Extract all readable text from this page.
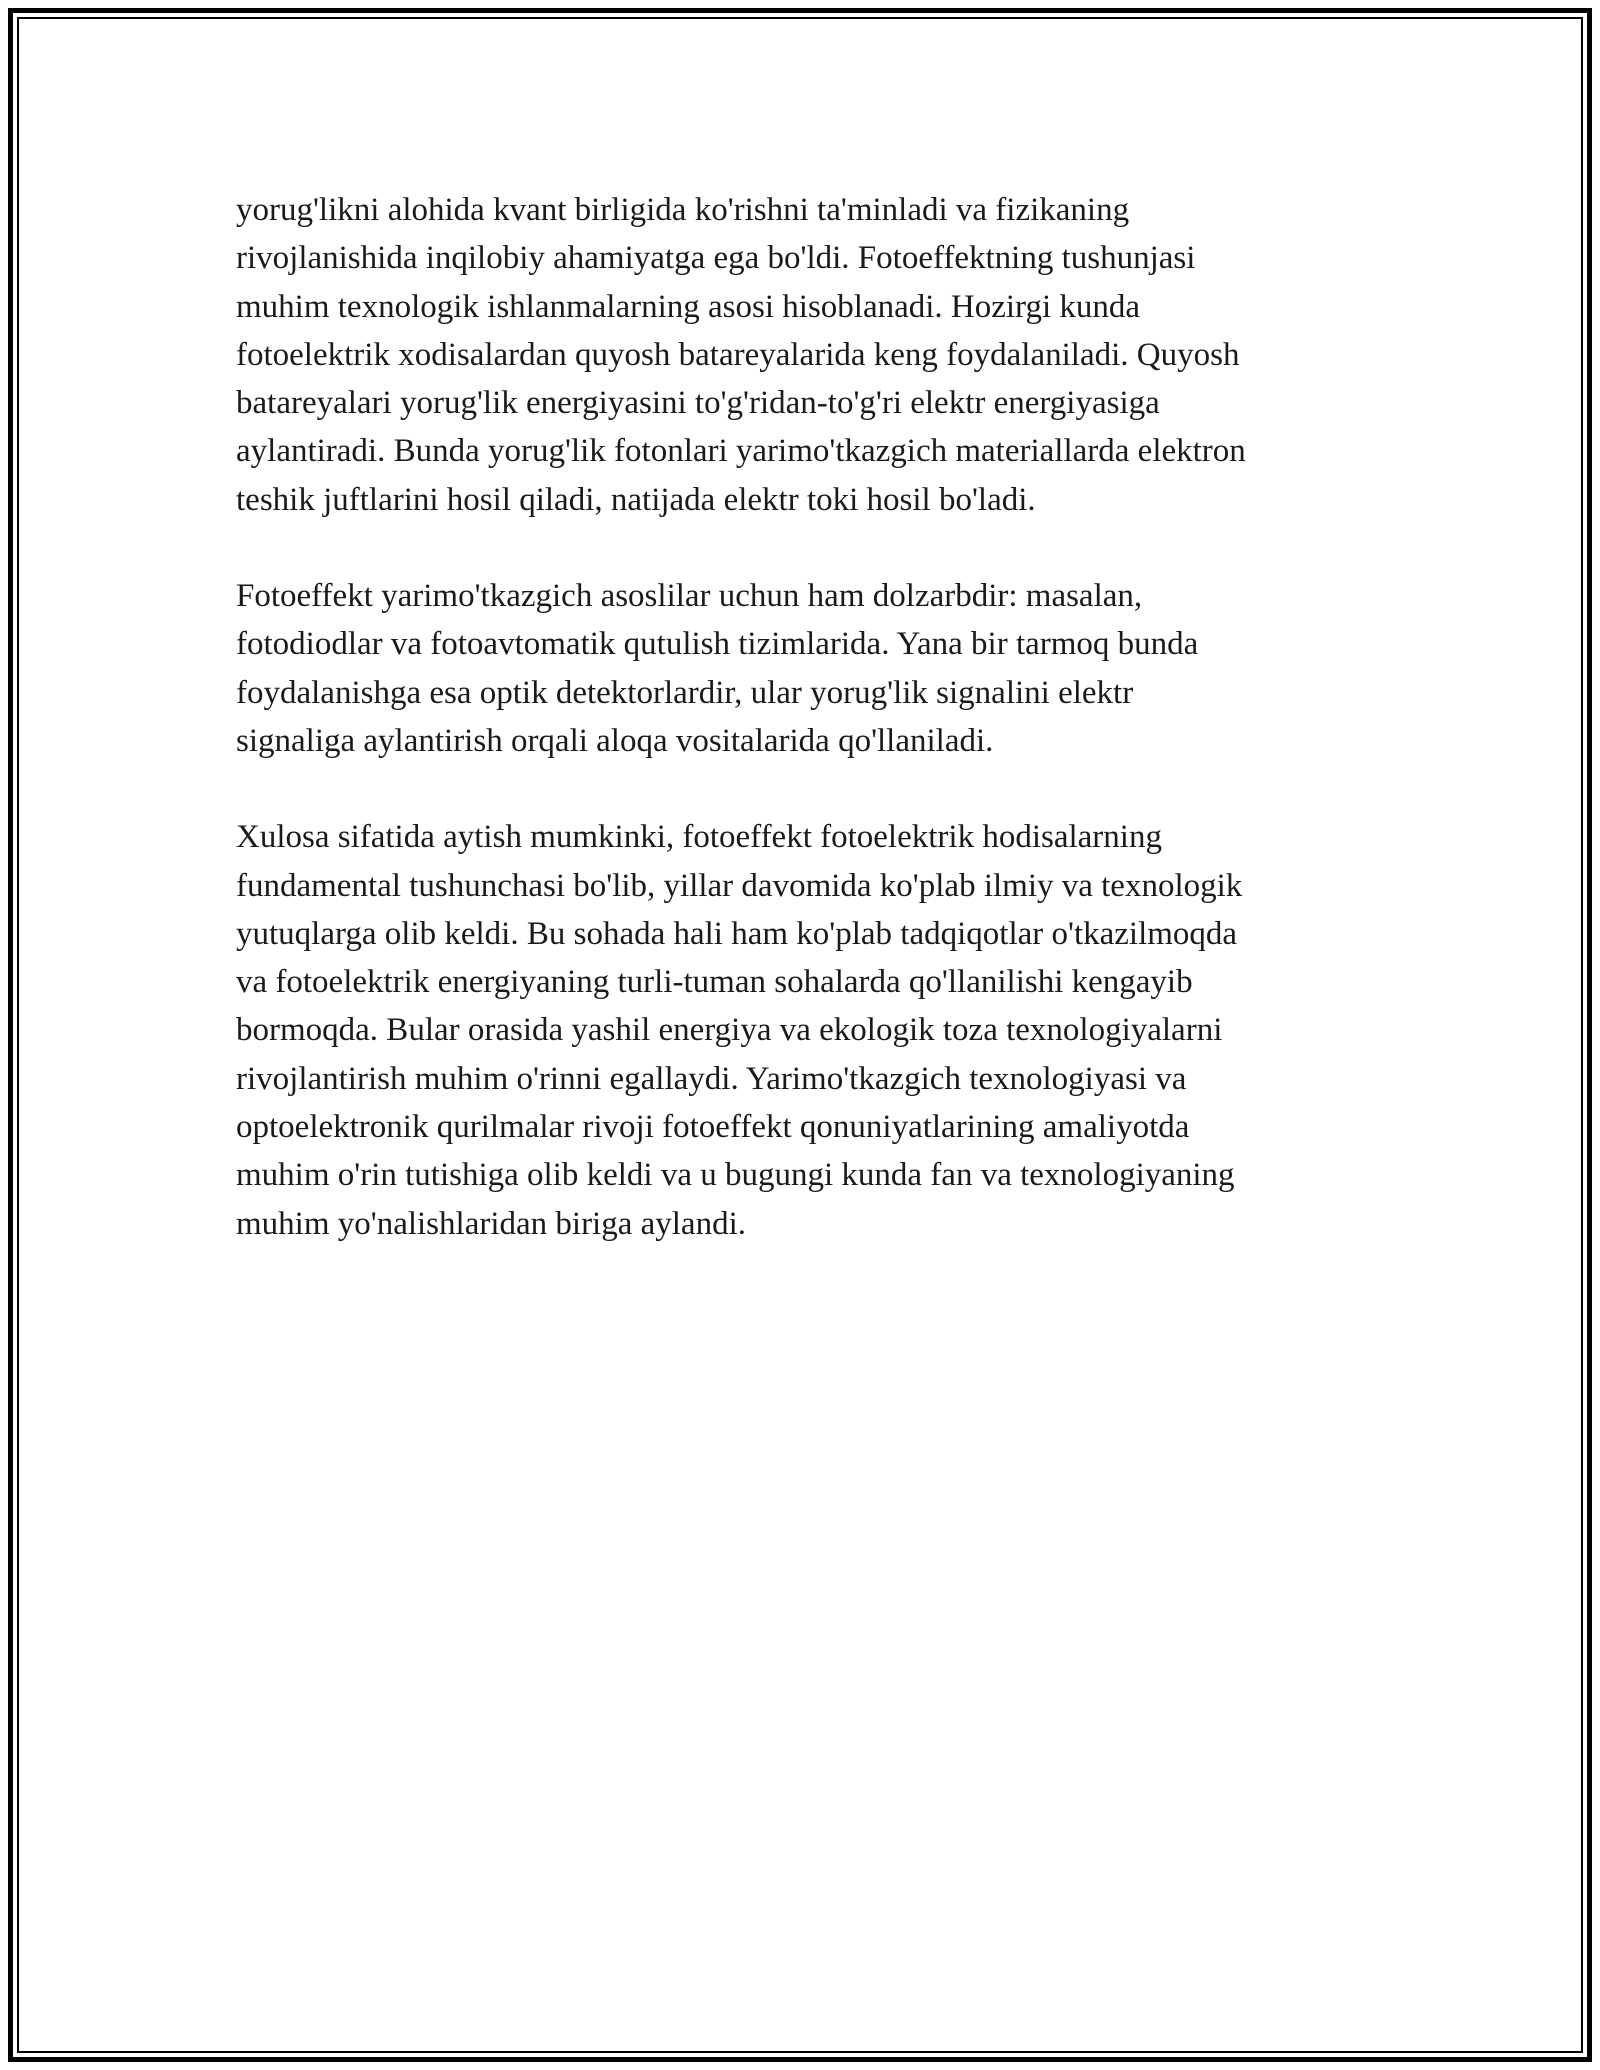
yorug'likni alohida kvant birligida ko'rishni ta'minladi va fizikaning
rivojlanishida inqilobiy ahamiyatga ega bo'ldi. Fotoeffektning tushunjasi
muhim texnologik ishlanmalarning asosi hisoblanadi. Hozirgi kunda
fotoelektrik xodisalardan quyosh batareyalarida keng foydalaniladi. Quyosh
batareyalari yorug'lik energiyasini to'g'ridan-to'g'ri elektr energiyasiga
aylantiradi. Bunda yorug'lik fotonlari yarimo'tkazgich materiallarda elektron
teshik juftlarini hosil qiladi, natijada elektr toki hosil bo'ladi.

Fotoeffekt yarimo'tkazgich asoslilar uchun ham dolzarbdir: masalan,
fotodiodlar va fotoavtomatik qutulish tizimlarida. Yana bir tarmoq bunda
foydalanishga esa optik detektorlardir, ular yorug'lik signalini elektr
signaliga aylantirish orqali aloqa vositalarida qo'llaniladi.

Xulosa sifatida aytish mumkinki, fotoeffekt fotoelektrik hodisalarning
fundamental tushunchasi bo'lib, yillar davomida ko'plab ilmiy va texnologik
yutuqlarga olib keldi. Bu sohada hali ham ko'plab tadqiqotlar o'tkazilmoqda
va fotoelektrik energiyaning turli-tuman sohalarda qo'llanilishi kengayib
bormoqda. Bular orasida yashil energiya va ekologik toza texnologiyalarni
rivojlantirish muhim o'rinni egallaydi. Yarimo'tkazgich texnologiyasi va
optoelektronik qurilmalar rivoji fotoeffekt qonuniyatlarining amaliyotda
muhim o'rin tutishiga olib keldi va u bugungi kunda fan va texnologiyaning
muhim yo'nalishlaridan biriga aylandi.
